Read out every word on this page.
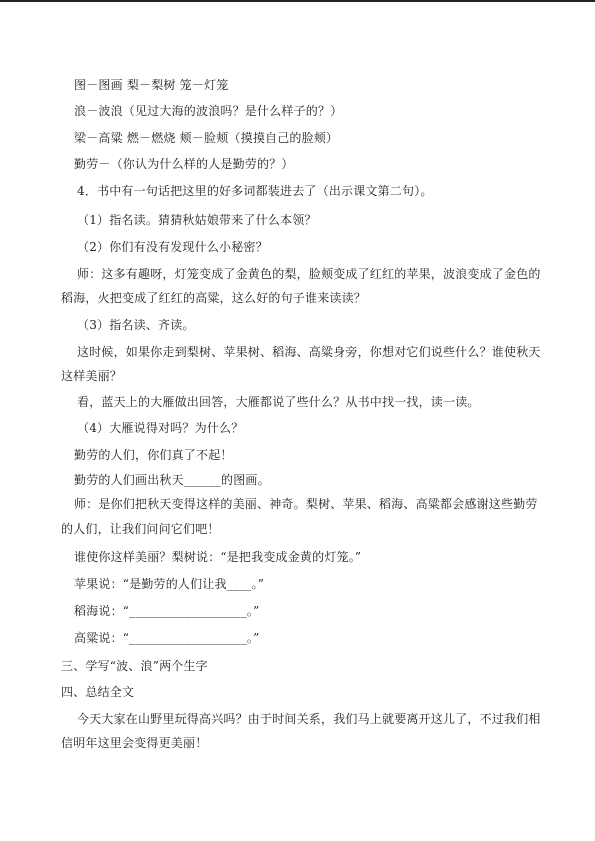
图－图画 梨－梨树 笼－灯笼
浪－波浪（见过大海的波浪吗？是什么样子的？）
梁－高粱 燃－燃烧 颊－脸颊（摸摸自己的脸颊）
勤劳－（你认为什么样的人是勤劳的？）
4．书中有一句话把这里的好多词都装进去了（出示课文第二句）。
（1）指名读。猜猜秋姑娘带来了什么本领？
（2）你们有没有发现什么小秘密？
师：这多有趣呀，灯笼变成了金黄色的梨，脸颊变成了红红的苹果，波浪变成了金色的
稻海，火把变成了红红的高粱，这么好的句子谁来读读？
（3）指名读、齐读。
这时候，如果你走到梨树、苹果树、稻海、高粱身旁，你想对它们说些什么？谁使秋天
这样美丽？
看，蓝天上的大雁做出回答，大雁都说了些什么？从书中找一找，读一读。
（4）大雁说得对吗？为什么？
勤劳的人们，你们真了不起！
勤劳的人们画出秋天______的图画。
师：是你们把秋天变得这样的美丽、神奇。梨树、苹果、稻海、高粱都会感谢这些勤劳
的人们，让我们问问它们吧！
谁使你这样美丽？梨树说：“是把我变成金黄的灯笼。”
苹果说：“是勤劳的人们让我____。”
稻海说：“___________________。”
高粱说：“___________________。”
三、学写“波、浪”两个生字
四、总结全文
今天大家在山野里玩得高兴吗？由于时间关系，我们马上就要离开这儿了，不过我们相
信明年这里会变得更美丽！
